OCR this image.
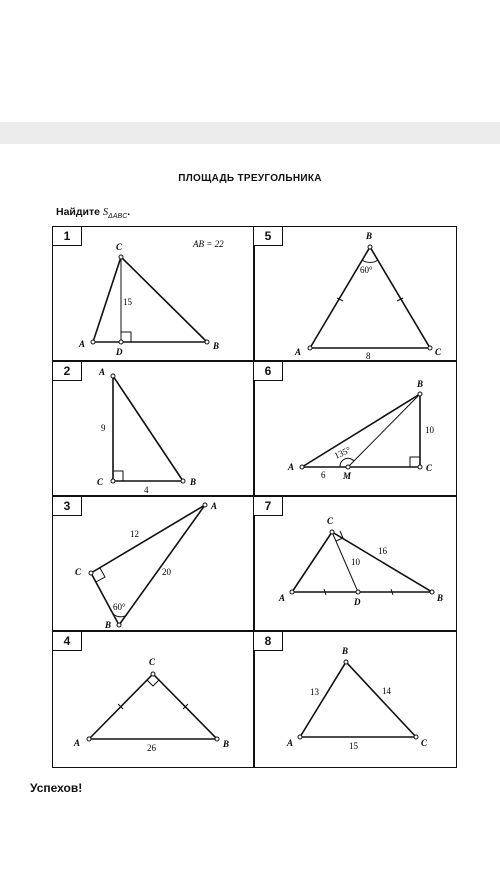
ПЛОЩАДЬ ТРЕУГОЛЬНИКА
Найдите $S_{\Delta ABC}$.
A	B
C
D
15
AB = 22
1
A
B
C
60°
8
5
A
C	B
9
4
2
A
B
C
M
6
10
135°
6
A
C
B
12
20
60°
3
A
C
B
D
16
10
7
A
C
B
26
4
A
B
C
13	14
15
8
Успехов!
